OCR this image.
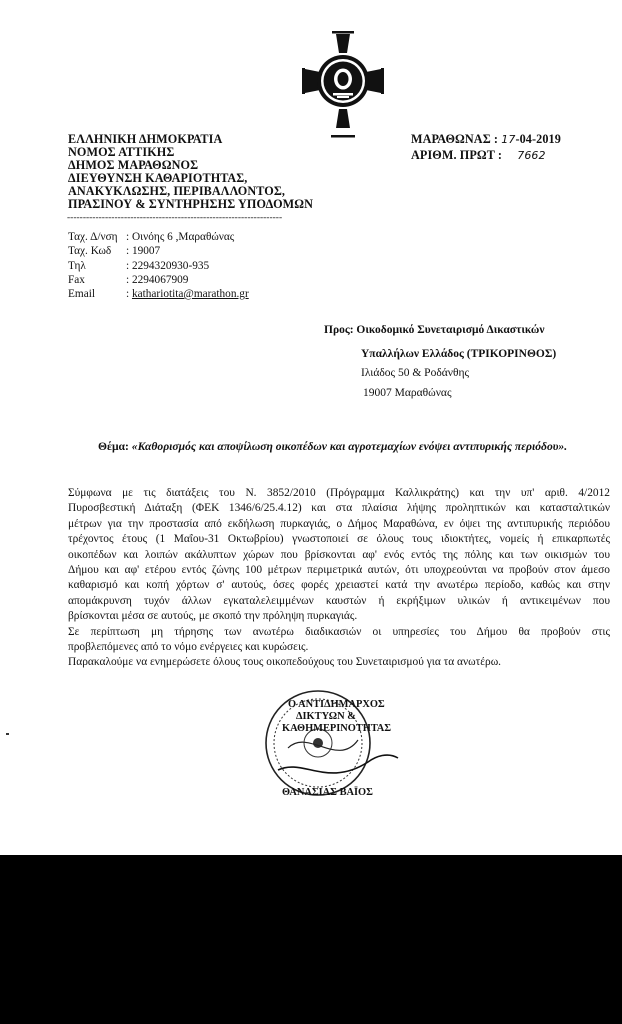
ΕΛΛΗΝΙΚΗ ΔΗΜΟΚΡΑΤΙΑ
ΝΟΜΟΣ ΑΤΤΙΚΗΣ
ΔΗΜΟΣ ΜΑΡΑΘΩΝΟΣ
ΔΙΕΥΘΥΝΣΗ ΚΑΘΑΡΙΟΤΗΤΑΣ,
ΑΝΑΚΥΚΛΩΣΗΣ, ΠΕΡΙΒΑΛΛΟΝΤΟΣ,
ΠΡΑΣΙΝΟΥ & ΣΥΝΤΗΡΗΣΗΣ ΥΠΟΔΟΜΩΝ
--------------------------------------------------------------------
ΜΑΡΑΘΩΝΑΣ : 17-04-2019
ΑΡΙΘΜ. ΠΡΩΤ : 7662
Ταχ. Δ/νση : Οινόης 6 ,Μαραθώνας
Ταχ. Κωδ : 19007
Τηλ	: 2294320930-935
Fax	: 2294067909
Email	: kathariotita@marathon.gr
Προς: Οικοδομικό Συνεταιρισμό Δικαστικών
Υπαλλήλων Ελλάδος (ΤΡΙΚΟΡΙΝΘΟΣ)
Ιλιάδος 50 & Ροδάνθης
19007 Μαραθώνας
Θέμα: «Καθορισμός και αποψίλωση οικοπέδων και αγροτεμαχίων ενόψει αντιπυρικής περιόδου».
Σύμφωνα με τις διατάξεις του Ν. 3852/2010 (Πρόγραμμα Καλλικράτης) και την υπ' αριθ. 4/2012
Πυροσβεστική Διάταξη (ΦΕΚ 1346/6/25.4.12) και στα πλαίσια λήψης προληπτικών και κατασταλτικών
μέτρων για την προστασία από εκδήλωση πυρκαγιάς, ο Δήμος Μαραθώνα, εν όψει της αντιπυρικής περιόδου
τρέχοντος έτους (1 Μαΐου-31 Οκτωβρίου) γνωστοποιεί σε όλους τους ιδιοκτήτες, νομείς ή επικαρπωτές
οικοπέδων και λοιπών ακάλυπτων χώρων που βρίσκονται αφ' ενός εντός της πόλης και των οικισμών του
Δήμου και αφ' ετέρου εντός ζώνης 100 μέτρων περιμετρικά αυτών, ότι υποχρεούνται να προβούν στον άμεσο
καθαρισμό και κοπή χόρτων σ' αυτούς, όσες φορές χρειαστεί κατά την ανωτέρω περίοδο, καθώς και στην
απομάκρυνση τυχόν άλλων εγκαταλελειμμένων καυστών ή εκρήξιμων υλικών ή αντικειμένων που
βρίσκονται μέσα σε αυτούς, με σκοπό την πρόληψη πυρκαγιάς.
Σε περίπτωση μη τήρησης των ανωτέρω διαδικασιών οι υπηρεσίες του Δήμου θα προβούν στις
προβλεπόμενες από το νόμο ενέργειες και κυρώσεις.
Παρακαλούμε να ενημερώσετε όλους τους οικοπεδούχους του Συνεταιρισμού για τα ανωτέρω.
Ο ΑΝΤΙΔΗΜΑΡΧΟΣ
ΔΙΚΤΥΩΝ &
ΚΑΘΗΜΕΡΙΝΟΤΗΤΑΣ
ΘΑΝΑΣΙΑΣ ΒΑΪΟΣ
